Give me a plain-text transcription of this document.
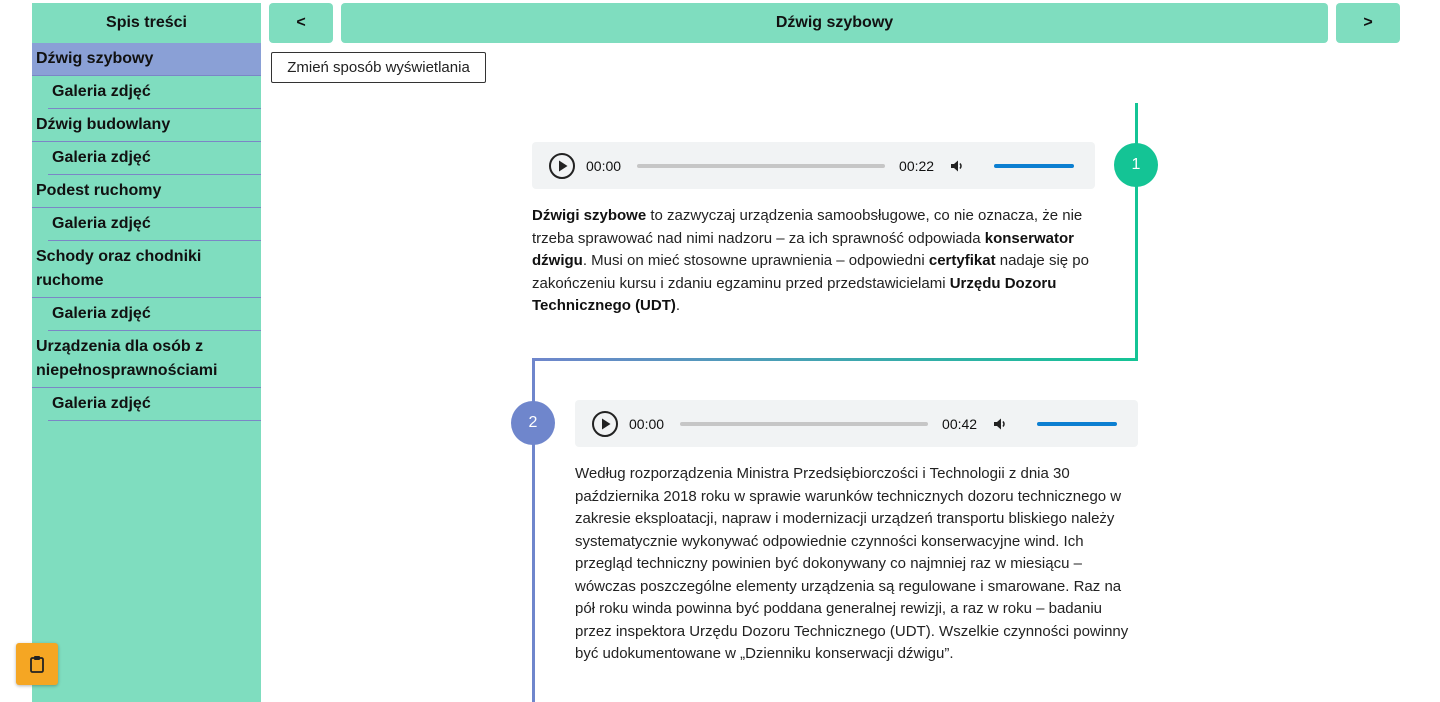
Spis treści
Dźwig szybowy
Galeria zdjęć
Dźwig budowlany
Galeria zdjęć
Podest ruchomy
Galeria zdjęć
Schody oraz chodniki ruchome
Galeria zdjęć
Urządzenia dla osób z niepełnosprawnościami
Galeria zdjęć
<	Dźwig szybowy	>
Zmień sposób wyświetlania
1
00:00	00:22
Dźwigi szybowe to zazwyczaj urządzenia samoobsługowe, co nie oznacza, że nie trzeba sprawować nad nimi nadzoru – za ich sprawność odpowiada konserwator dźwigu. Musi on mieć stosowne uprawnienia – odpowiedni certyfikat nadaje się po zakończeniu kursu i zdaniu egzaminu przed przedstawicielami Urzędu Dozoru Technicznego (UDT).
2	00:00	00:42
Według rozporządzenia Ministra Przedsiębiorczości i Technologii z dnia 30 października 2018 roku w sprawie warunków technicznych dozoru technicznego w zakresie eksploatacji, napraw i modernizacji urządzeń transportu bliskiego należy systematycznie wykonywać odpowiednie czynności konserwacyjne wind. Ich przegląd techniczny powinien być dokonywany co najmniej raz w miesiącu – wówczas poszczególne elementy urządzenia są regulowane i smarowane. Raz na pół roku winda powinna być poddana generalnej rewizji, a raz w roku – badaniu przez inspektora Urzędu Dozoru Technicznego (UDT). Wszelkie czynności powinny być udokumentowane w „Dzienniku konserwacji dźwigu”.
